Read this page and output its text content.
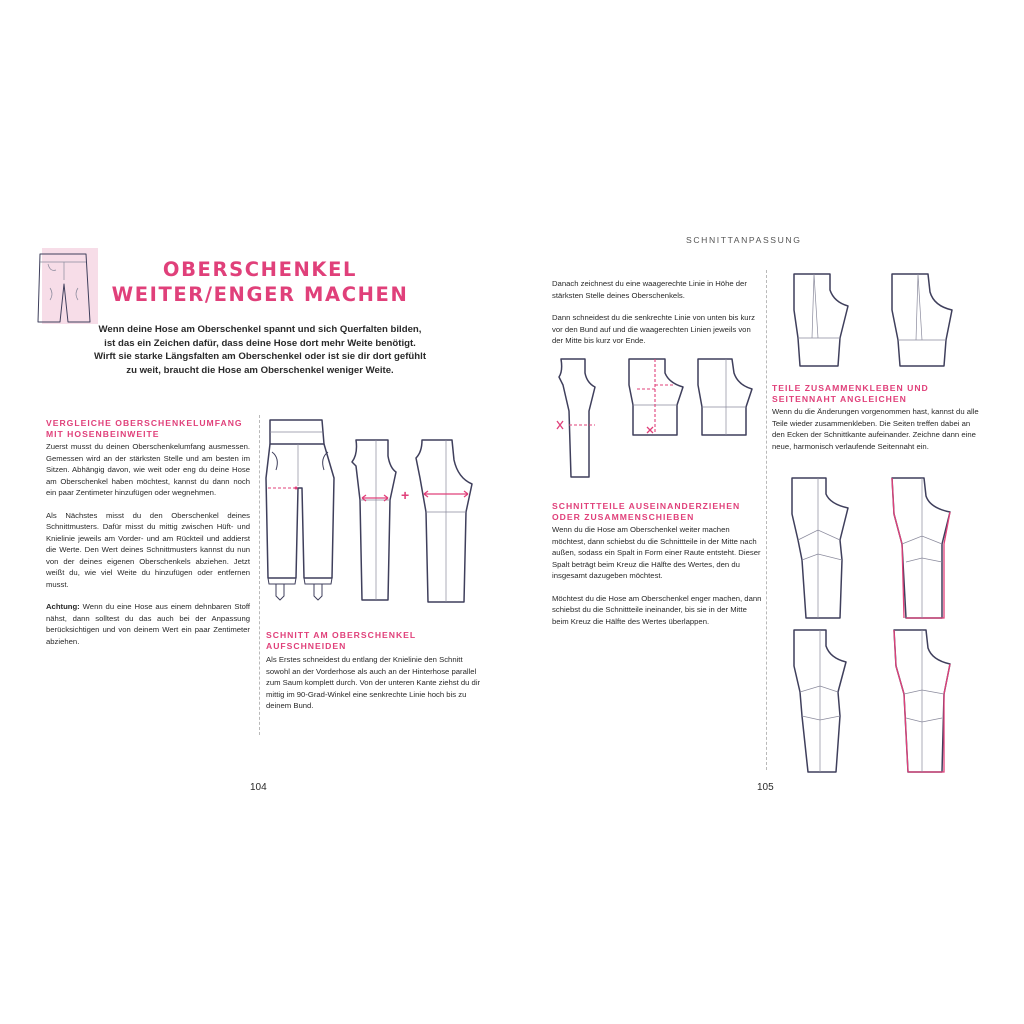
OBERSCHENKEL
WEITER/ENGER MACHEN
Wenn deine Hose am Oberschenkel spannt und sich Querfalten bilden,
ist das ein Zeichen dafür, dass deine Hose dort mehr Weite benötigt.
Wirft sie starke Längsfalten am Oberschenkel oder ist sie dir dort gefühlt
zu weit, braucht die Hose am Oberschenkel weniger Weite.
VERGLEICHE OBERSCHENKELUMFANG
MIT HOSENBEINWEITE

Zuerst musst du deinen Oberschenkelumfang ausmessen. Gemessen wird an der stärksten Stelle und am besten im Sitzen. Abhängig davon, wie weit oder eng du deine Hose am Oberschenkel haben möchtest, kannst du dann noch ein paar Zentimeter hinzufügen oder wegnehmen.

Als Nächstes misst du den Oberschenkel deines Schnittmusters. Dafür misst du mittig zwischen Hüft- und Knielinie jeweils am Vorder- und am Rückteil und addierst die Werte. Den Wert deines Schnittmusters kannst du nun von der deines eigenen Oberschenkels abziehen. Jetzt weißt du, wie viel Weite du hinzufügen oder entfernen musst.

Achtung: Wenn du eine Hose aus einem dehnbaren Stoff nähst, dann solltest du das auch bei der Anpassung berücksichtigen und von deinem Wert ein paar Zentimeter abziehen.

+
SCHNITT AM OBERSCHENKEL
AUFSCHNEIDEN

Als Erstes schneidest du entlang der Knielinie den Schnitt sowohl an der Vorderhose als auch an der Hinterhose parallel zum Saum komplett durch. Von der unteren Kante ziehst du dir mittig im 90-Grad-Winkel eine senkrechte Linie hoch bis zu deinem Bund.

104
SCHNITTANPASSUNG

Danach zeichnest du eine waagerechte Linie in Höhe der stärksten Stelle deines Oberschenkels.

Dann schneidest du die senkrechte Linie von unten bis kurz vor den Bund auf und die waagerechten Linien jeweils von der Mitte bis kurz vor Ende.

SCHNITTTEILE AUSEINANDERZIEHEN
ODER ZUSAMMENSCHIEBEN

Wenn du die Hose am Oberschenkel weiter machen möchtest, dann schiebst du die Schnittteile in der Mitte nach außen, sodass ein Spalt in Form einer Raute entsteht. Dieser Spalt beträgt beim Kreuz die Hälfte des Wertes, den du insgesamt dazugeben möchtest.

Möchtest du die Hose am Oberschenkel enger machen, dann schiebst du die Schnittteile ineinander, bis sie in der Mitte beim Kreuz die Hälfte des Wertes überlappen.

TEILE ZUSAMMENKLEBEN UND
SEITENNAHT ANGLEICHEN

Wenn du die Änderungen vorgenommen hast, kannst du alle Teile wieder zusammenkleben. Die Seiten treffen dabei an den Ecken der Schnittkante aufeinander. Zeichne dann eine neue, harmonisch verlaufende Seitennaht ein.

105
